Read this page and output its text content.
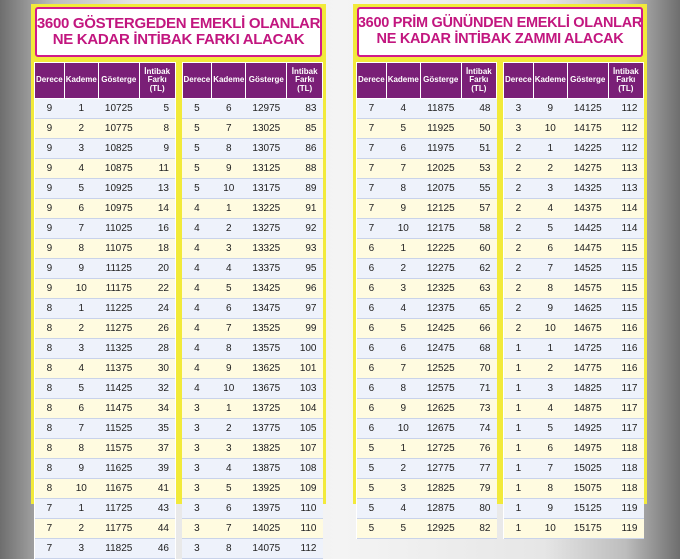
3600 GÖSTERGEDEN EMEKLİ OLANLAR
NE KADAR İNTİBAK FARKI ALACAK
Derece	Kademe	Gösterge	İntibak Farkı (TL)
9	1	10725	5
9	2	10775	8
9	3	10825	9
9	4	10875	11
9	5	10925	13
9	6	10975	14
9	7	11025	16
9	8	11075	18
9	9	11125	20
9	10	11175	22
8	1	11225	24
8	2	11275	26
8	3	11325	28
8	4	11375	30
8	5	11425	32
8	6	11475	34
8	7	11525	35
8	8	11575	37
8	9	11625	39
8	10	11675	41
7	1	11725	43
7	2	11775	44
7	3	11825	46
Derece	Kademe	Gösterge	İntibak Farkı (TL)
5	6	12975	83
5	7	13025	85
5	8	13075	86
5	9	13125	88
5	10	13175	89
4	1	13225	91
4	2	13275	92
4	3	13325	93
4	4	13375	95
4	5	13425	96
4	6	13475	97
4	7	13525	99
4	8	13575	100
4	9	13625	101
4	10	13675	103
3	1	13725	104
3	2	13775	105
3	3	13825	107
3	4	13875	108
3	5	13925	109
3	6	13975	110
3	7	14025	110
3	8	14075	112
3600 PRİM GÜNÜNDEN EMEKLİ OLANLAR
NE KADAR İNTİBAK ZAMMI ALACAK
Derece	Kademe	Gösterge	İntibak Farkı (TL)
7	4	11875	48
7	5	11925	50
7	6	11975	51
7	7	12025	53
7	8	12075	55
7	9	12125	57
7	10	12175	58
6	1	12225	60
6	2	12275	62
6	3	12325	63
6	4	12375	65
6	5	12425	66
6	6	12475	68
6	7	12525	70
6	8	12575	71
6	9	12625	73
6	10	12675	74
5	1	12725	76
5	2	12775	77
5	3	12825	79
5	4	12875	80
5	5	12925	82
Derece	Kademe	Gösterge	İntibak Farkı (TL)
3	9	14125	112
3	10	14175	112
2	1	14225	112
2	2	14275	113
2	3	14325	113
2	4	14375	114
2	5	14425	114
2	6	14475	115
2	7	14525	115
2	8	14575	115
2	9	14625	115
2	10	14675	116
1	1	14725	116
1	2	14775	116
1	3	14825	117
1	4	14875	117
1	5	14925	117
1	6	14975	118
1	7	15025	118
1	8	15075	118
1	9	15125	119
1	10	15175	119
